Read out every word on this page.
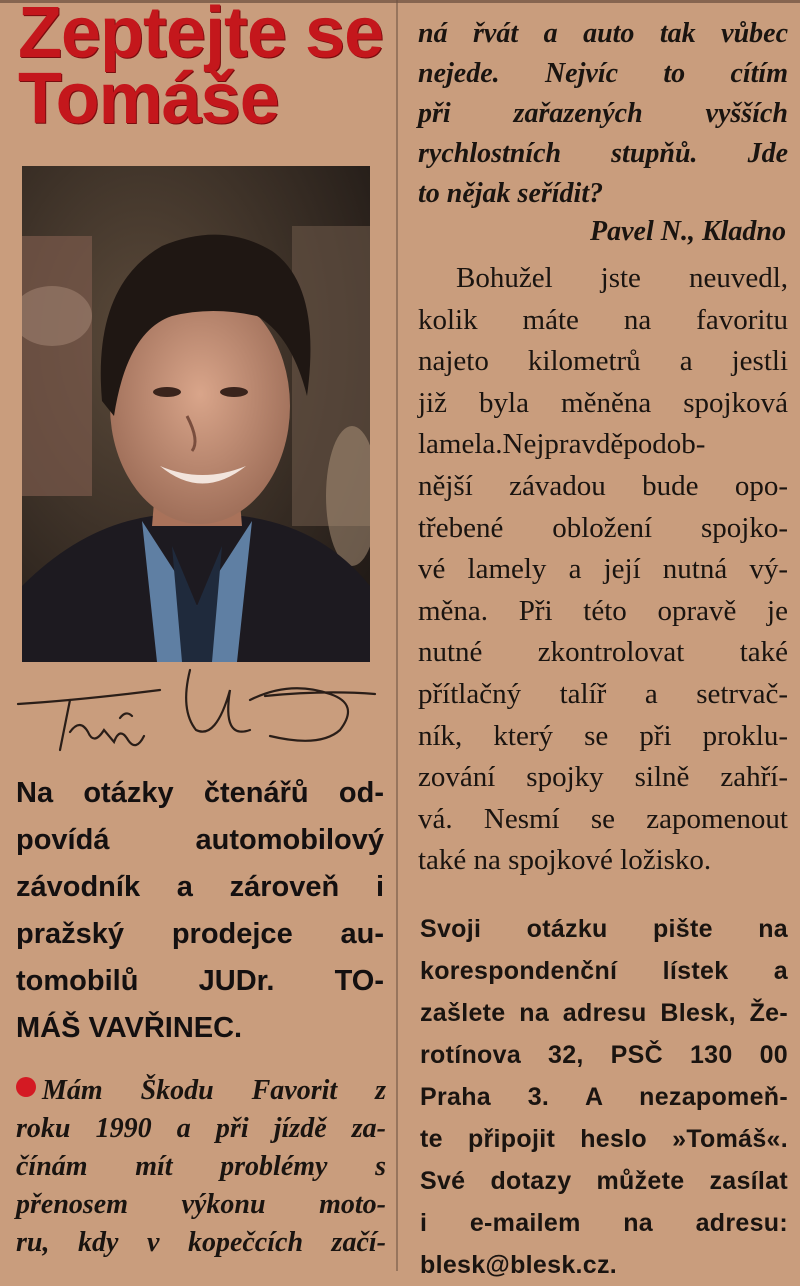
Zeptejte se
Tomáše
Na otázky čtenářů od-
povídá automobilový
závodník a zároveň i
pražský prodejce au-
tomobilů JUDr. TO-
MÁŠ VAVŘINEC.
Mám Škodu Favorit z
roku 1990 a při jízdě za-
čínám mít problémy s
přenosem výkonu moto-
ru, kdy v kopečcích začí-
ná řvát a auto tak vůbec
nejede. Nejvíc to cítím
při zařazených vyšších
rychlostních stupňů. Jde
to nějak seřídit?
Pavel N., Kladno
Bohužel jste neuvedl,
kolik máte na favoritu
najeto kilometrů a jestli
již byla měněna spojková
lamela.Nejpravděpodob-
nější závadou bude opo-
třebené obložení spojko-
vé lamely a její nutná vý-
měna. Při této opravě je
nutné zkontrolovat také
přítlačný talíř a setrvač-
ník, který se při proklu-
zování spojky silně zahří-
vá. Nesmí se zapomenout
také na spojkové ložisko.
Svoji otázku pište na
korespondenční lístek a
zašlete na adresu Blesk, Že-
rotínova 32, PSČ 130 00
Praha 3. A nezapomeň-
te připojit heslo »Tomáš«.
Své dotazy můžete zasílat
i e-mailem na adresu:
blesk@blesk.cz.
